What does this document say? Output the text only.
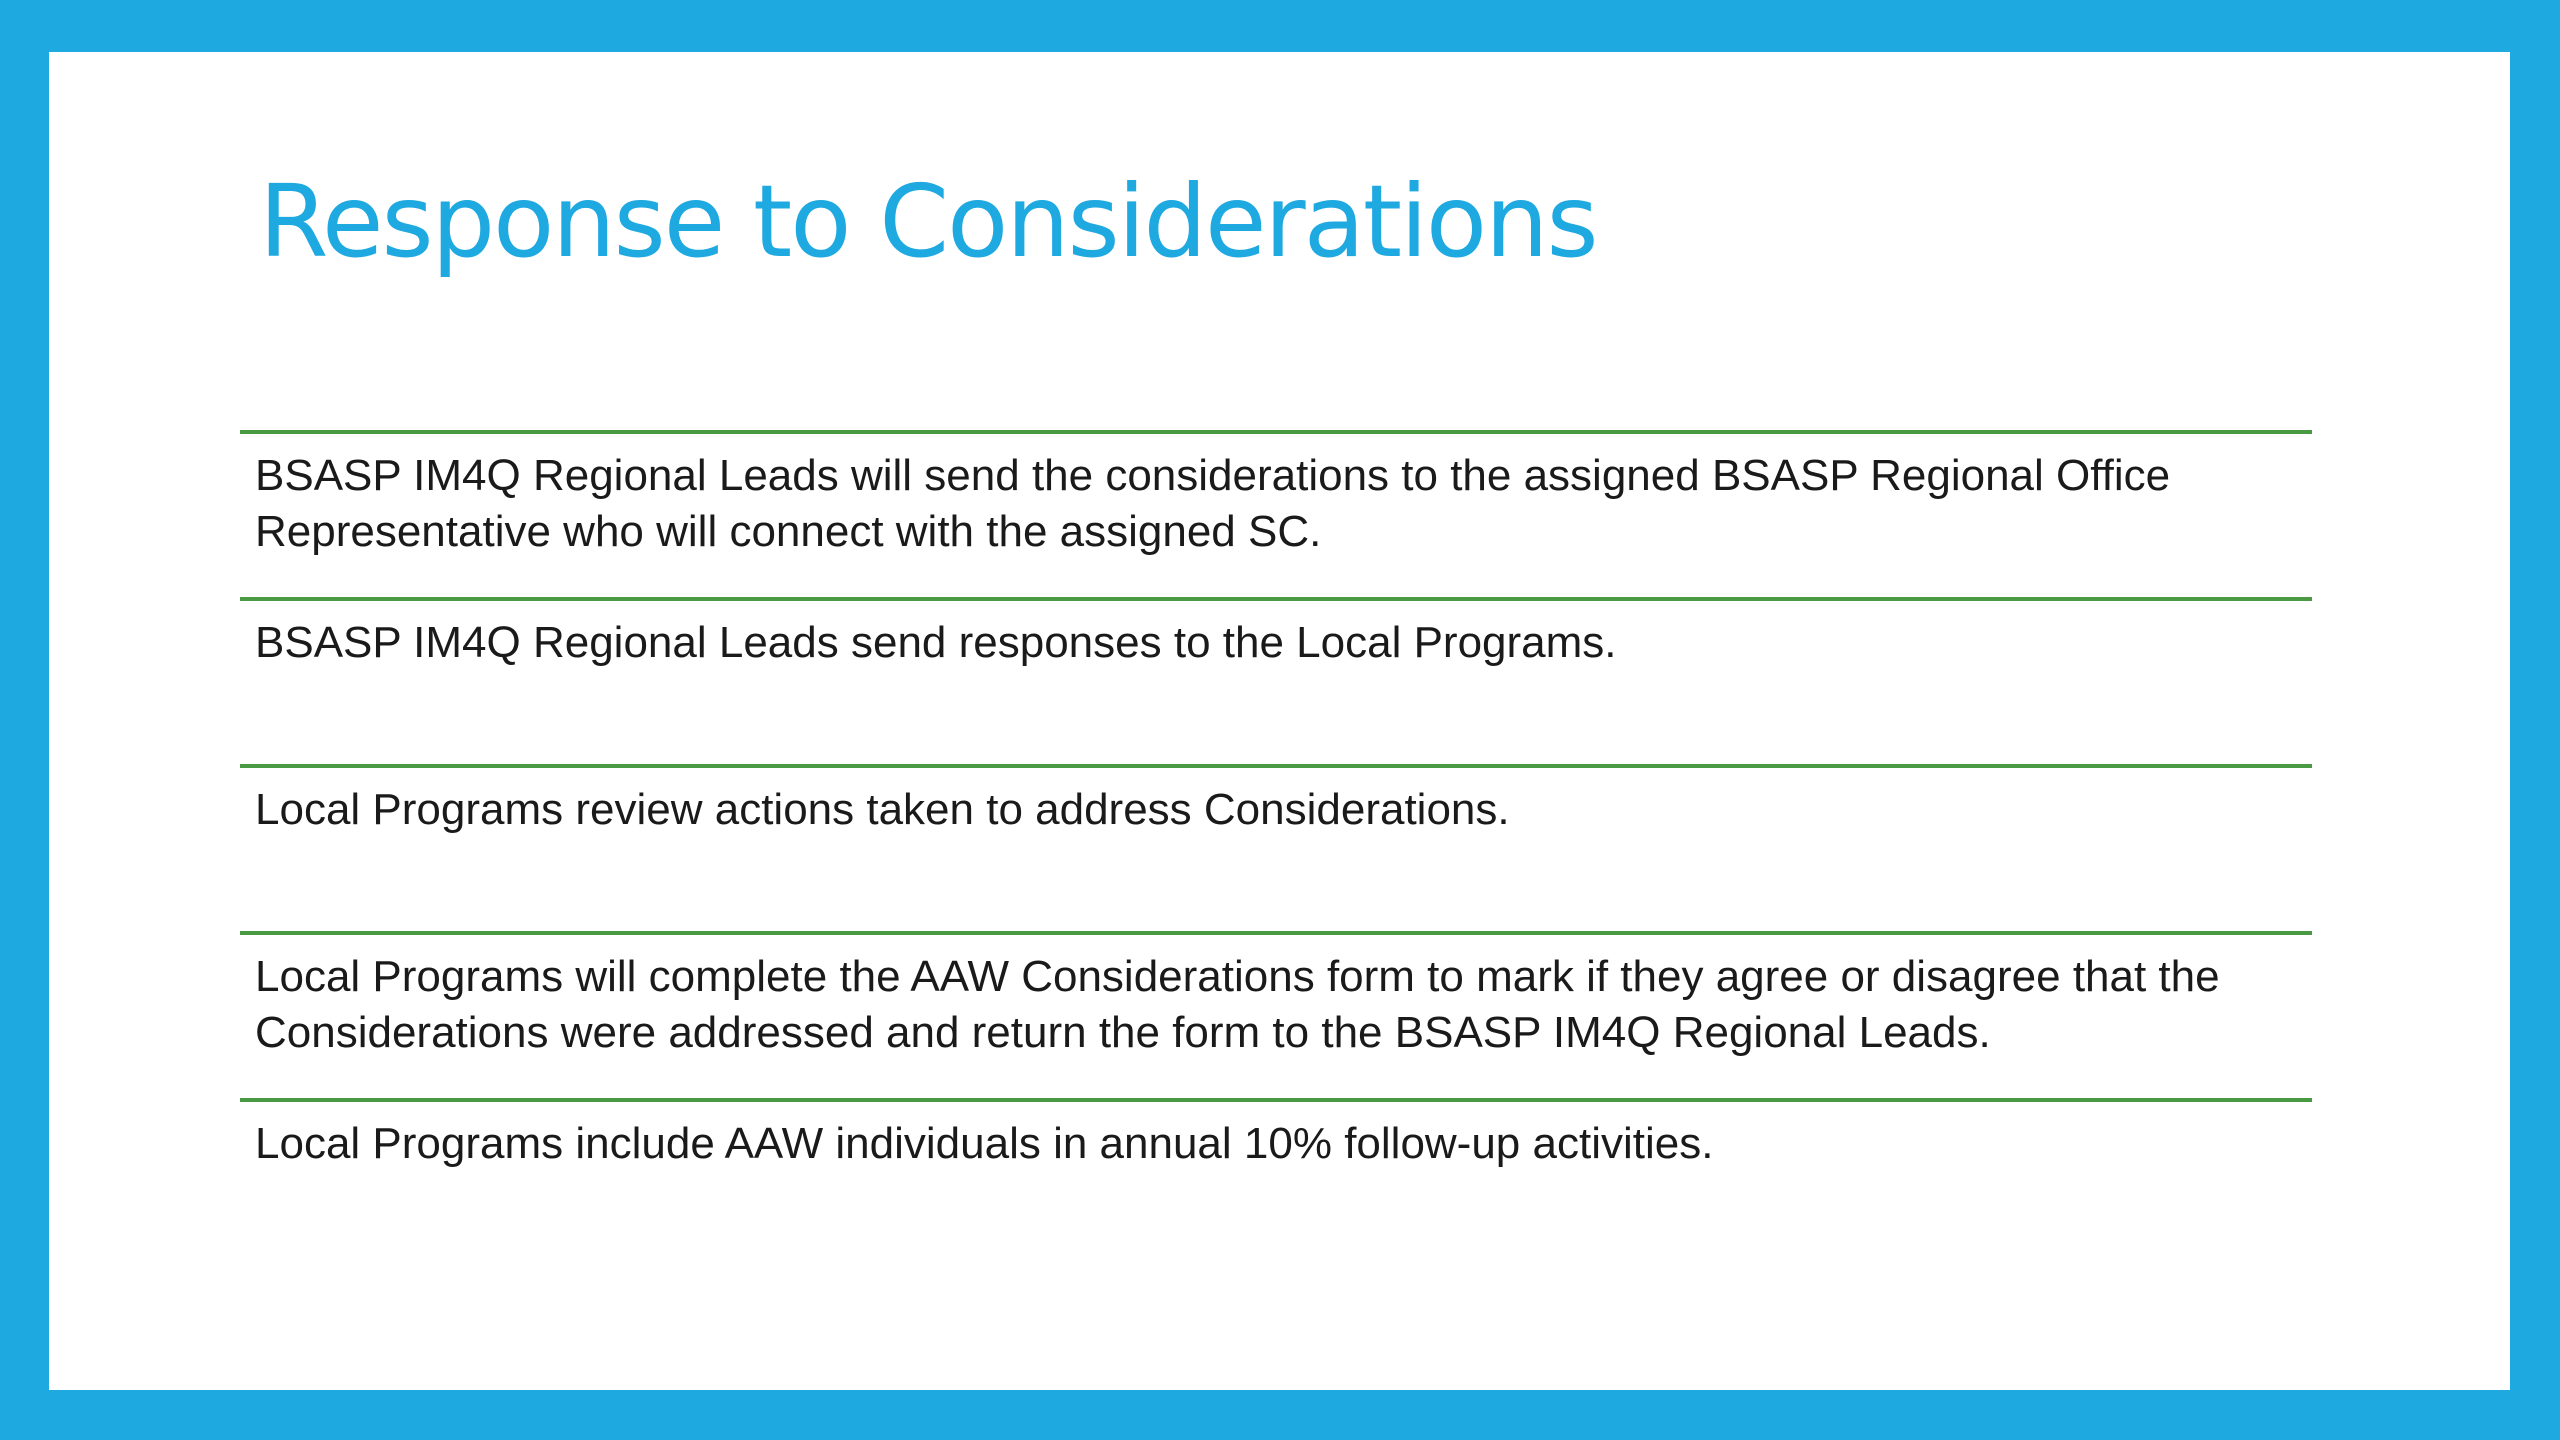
Response to Considerations
BSASP IM4Q Regional Leads will send the considerations to the assigned BSASP Regional Office Representative who will connect with the assigned SC.
BSASP IM4Q Regional Leads send responses to the Local Programs.
Local Programs review actions taken to address Considerations.
Local Programs will complete the AAW Considerations form to mark if they agree or disagree that the Considerations were addressed and return the form to the BSASP IM4Q Regional Leads.
Local Programs include AAW individuals in annual 10% follow-up activities.
